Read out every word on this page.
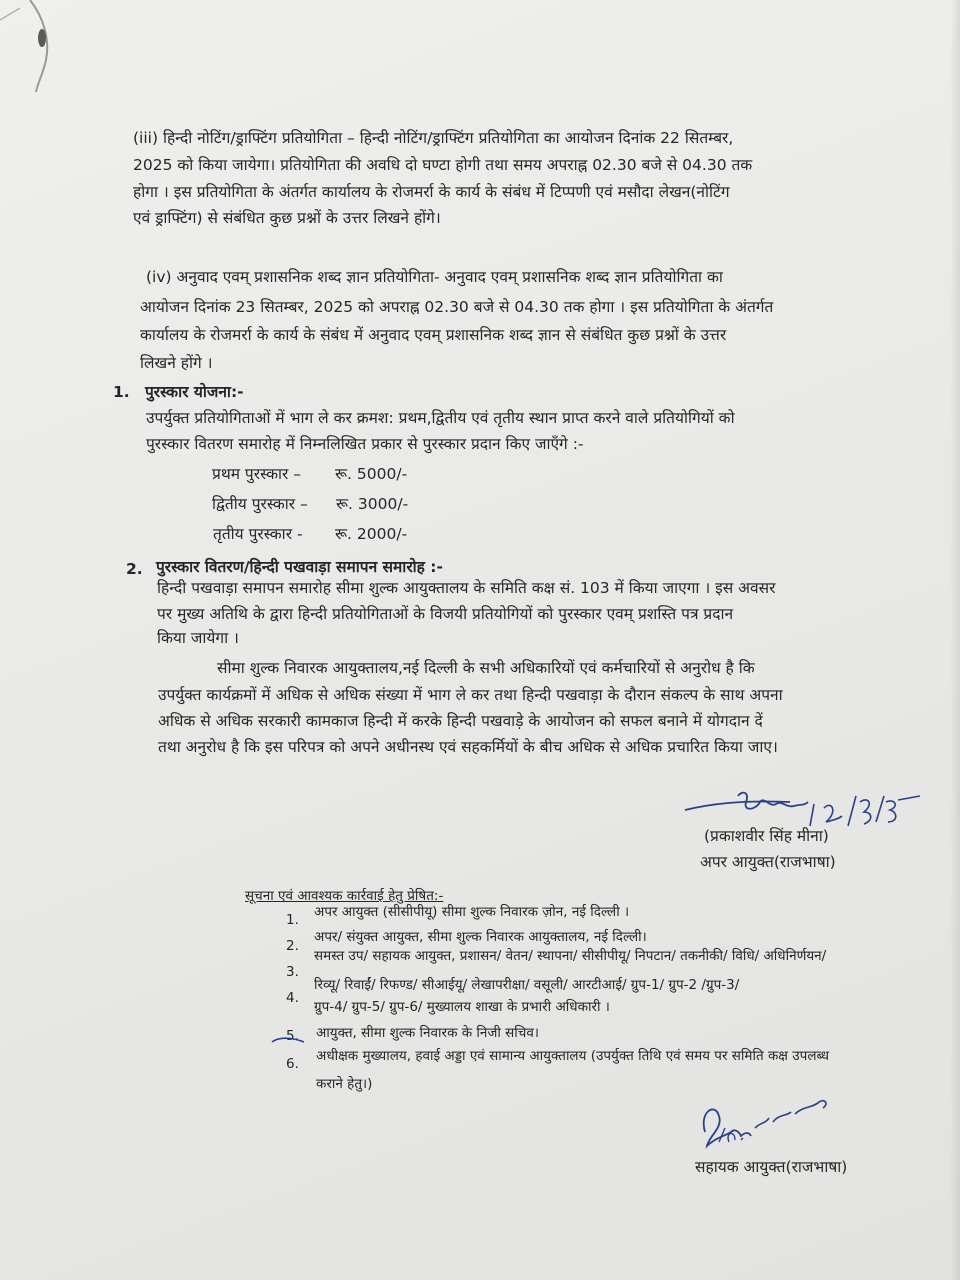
(iii) हिन्दी नोटिंग/ड्राफ्टिंग प्रतियोगिता – हिन्दी नोटिंग/ड्राफ्टिंग प्रतियोगिता का आयोजन दिनांक 22 सितम्बर,
2025 को किया जायेगा। प्रतियोगिता की अवधि दो घण्टा होगी तथा समय अपराह्न 02.30 बजे से 04.30 तक
होगा । इस प्रतियोगिता के अंतर्गत कार्यालय के रोजमर्रा के कार्य के संबंध में टिप्पणी एवं मसौदा लेखन(नोटिंग
एवं ड्राफ्टिंग) से संबंधित कुछ प्रश्नों के उत्तर लिखने होंगे।
(iv) अनुवाद एवम् प्रशासनिक शब्द ज्ञान प्रतियोगिता- अनुवाद एवम् प्रशासनिक शब्द ज्ञान प्रतियोगिता का
आयोजन दिनांक 23 सितम्बर, 2025 को अपराह्न 02.30 बजे से 04.30 तक होगा । इस प्रतियोगिता के अंतर्गत
कार्यालय के रोजमर्रा के कार्य के संबंध में अनुवाद एवम् प्रशासनिक शब्द ज्ञान से संबंधित कुछ प्रश्नों के उत्तर
लिखने होंगे ।
1. पुरस्कार योजना:-
उपर्युक्त प्रतियोगिताओं में भाग ले कर क्रमश: प्रथम,द्वितीय एवं तृतीय स्थान प्राप्त करने वाले प्रतियोगियों को
पुरस्कार वितरण समारोह में निम्नलिखित प्रकार से पुरस्कार प्रदान किए जाएँगे :-
प्रथम पुरस्कार – रू. 5000/-
द्वितीय पुरस्कार – रू. 3000/-
तृतीय पुरस्कार - रू. 2000/-
2. पुरस्कार वितरण/हिन्दी पखवाड़ा समापन समारोह :-
हिन्दी पखवाड़ा समापन समारोह सीमा शुल्क आयुक्तालय के समिति कक्ष सं. 103 में किया जाएगा । इस अवसर
पर मुख्य अतिथि के द्वारा हिन्दी प्रतियोगिताओं के विजयी प्रतियोगियों को पुरस्कार एवम् प्रशस्ति पत्र प्रदान
किया जायेगा ।
सीमा शुल्क निवारक आयुक्तालय,नई दिल्ली के सभी अधिकारियों एवं कर्मचारियों से अनुरोध है कि
उपर्युक्त कार्यक्रमों में अधिक से अधिक संख्या में भाग ले कर तथा हिन्दी पखवाड़ा के दौरान संकल्प के साथ अपना
अधिक से अधिक सरकारी कामकाज हिन्दी में करके हिन्दी पखवाड़े के आयोजन को सफल बनाने में योगदान दें
तथा अनुरोध है कि इस परिपत्र को अपने अधीनस्थ एवं सहकर्मियों के बीच अधिक से अधिक प्रचारित किया जाए।
(प्रकाशवीर सिंह मीना)
अपर आयुक्त(राजभाषा)
सूचना एवं आवश्यक कार्रवाई हेतु प्रेषित:-
1. अपर आयुक्त (सीसीपीयू) सीमा शुल्क निवारक ज़ोन, नई दिल्ली ।
2.
अपर/ संयुक्त आयुक्त, सीमा शुल्क निवारक आयुक्तालय, नई दिल्ली।
3.
समस्त उप/ सहायक आयुक्त, प्रशासन/ वेतन/ स्थापना/ सीसीपीयू/ निपटान/ तकनीकी/ विधि/ अधिनिर्णयन/
4.
रिव्यू/ रिवाईं/ रिफण्ड/ सीआईयू/ लेखापरीक्षा/ वसूली/ आरटीआई/ ग्रुप-1/ ग्रुप-2 /ग्रुप-3/
ग्रुप-4/ ग्रुप-5/ ग्रुप-6/ मुख्यालय शाखा के प्रभारी अधिकारी ।
5. आयुक्त, सीमा शुल्क निवारक के निजी सचिव।
6. अधीक्षक मुख्यालय, हवाई अड्डा एवं सामान्य आयुक्तालय (उपर्युक्त तिथि एवं समय पर समिति कक्ष उपलब्ध
कराने हेतु।)
सहायक आयुक्त(राजभाषा)
